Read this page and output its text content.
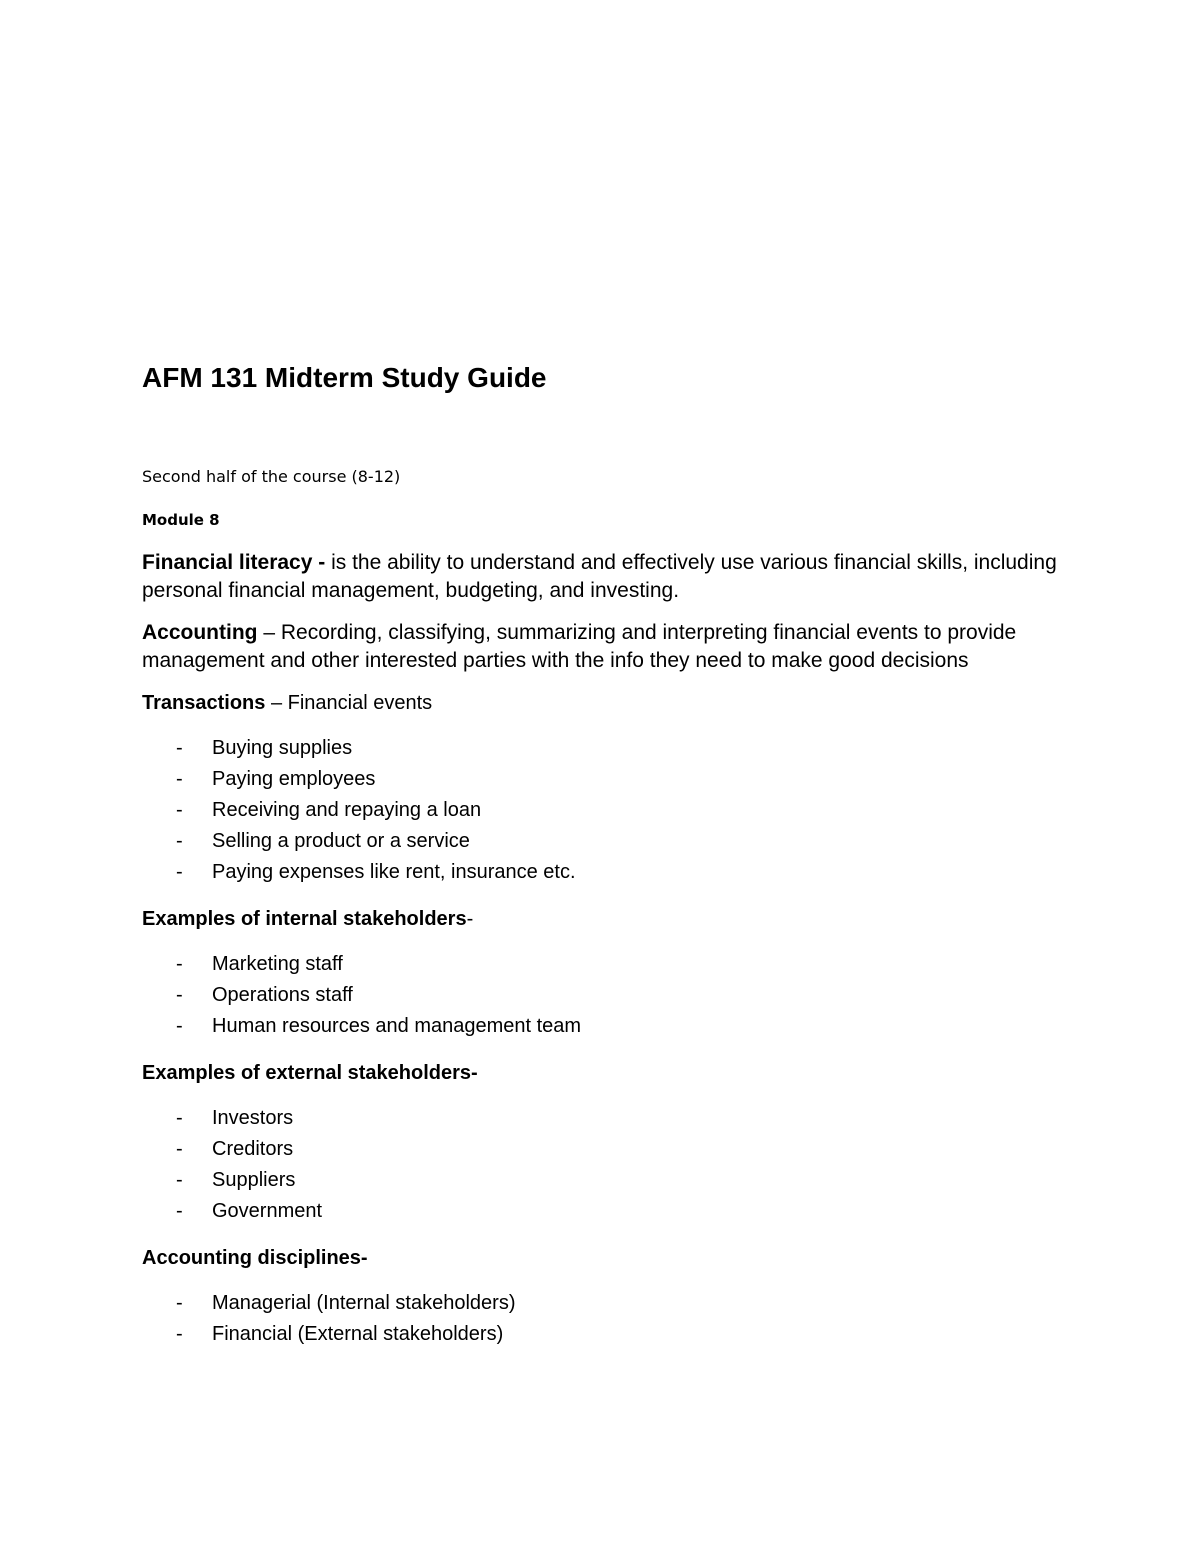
AFM 131 Midterm Study Guide

Second half of the course (8-12)

Module 8

Financial literacy - is the ability to understand and effectively use various financial skills, including personal financial management, budgeting, and investing.

Accounting – Recording, classifying, summarizing and interpreting financial events to provide management and other interested parties with the info they need to make good decisions

Transactions – Financial events

- Buying supplies
- Paying employees
- Receiving and repaying a loan
- Selling a product or a service
- Paying expenses like rent, insurance etc.

Examples of internal stakeholders-

- Marketing staff
- Operations staff
- Human resources and management team

Examples of external stakeholders-

- Investors
- Creditors
- Suppliers
- Government

Accounting disciplines-

- Managerial (Internal stakeholders)
- Financial (External stakeholders)
